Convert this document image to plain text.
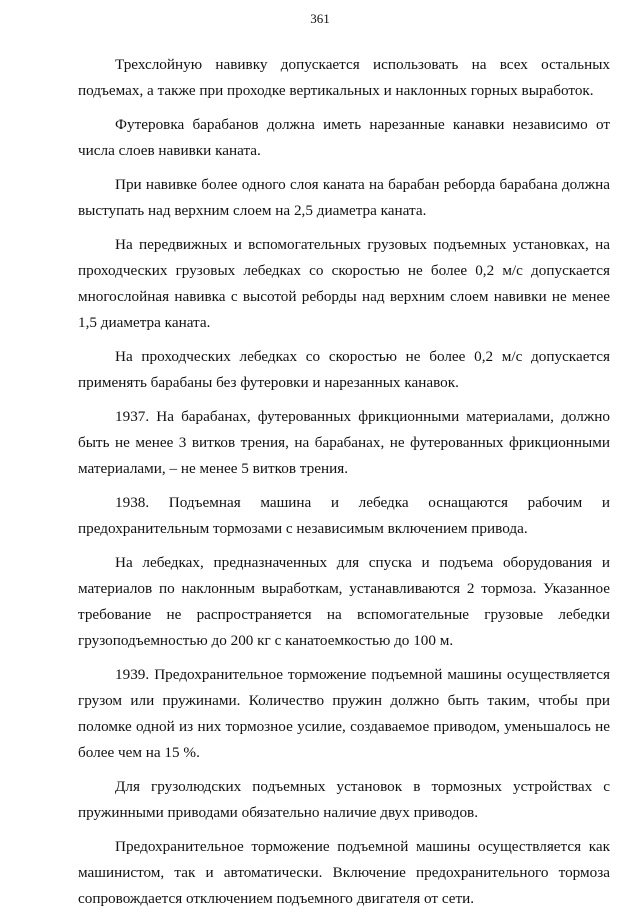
361

Трехслойную навивку допускается использовать на всех остальных подъемах, а также при проходке вертикальных и наклонных горных выработок.

Футеровка барабанов должна иметь нарезанные канавки независимо от числа слоев навивки каната.

При навивке более одного слоя каната на барабан реборда барабана должна выступать над верхним слоем на 2,5 диаметра каната.

На передвижных и вспомогательных грузовых подъемных установках, на проходческих грузовых лебедках со скоростью не более 0,2 м/с допускается многослойная навивка с высотой реборды над верхним слоем навивки не менее 1,5 диаметра каната.

На проходческих лебедках со скоростью не более 0,2 м/с допускается применять барабаны без футеровки и нарезанных канавок.

1937. На барабанах, футерованных фрикционными материалами, должно быть не менее 3 витков трения, на барабанах, не футерованных фрикционными материалами, – не менее 5 витков трения.

1938. Подъемная машина и лебедка оснащаются рабочим и предохранительным тормозами с независимым включением привода.

На лебедках, предназначенных для спуска и подъема оборудования и материалов по наклонным выработкам, устанавливаются 2 тормоза. Указанное требование не распространяется на вспомогательные грузовые лебедки грузоподъемностью до 200 кг с канатоемкостью до 100 м.

1939. Предохранительное торможение подъемной машины осуществляется грузом или пружинами. Количество пружин должно быть таким, чтобы при поломке одной из них тормозное усилие, создаваемое приводом, уменьшалось не более чем на 15 %.

Для грузолюдских подъемных установок в тормозных устройствах с пружинными приводами обязательно наличие двух приводов.

Предохранительное торможение подъемной машины осуществляется как машинистом, так и автоматически. Включение предохранительного тормоза сопровождается отключением подъемного двигателя от сети.
